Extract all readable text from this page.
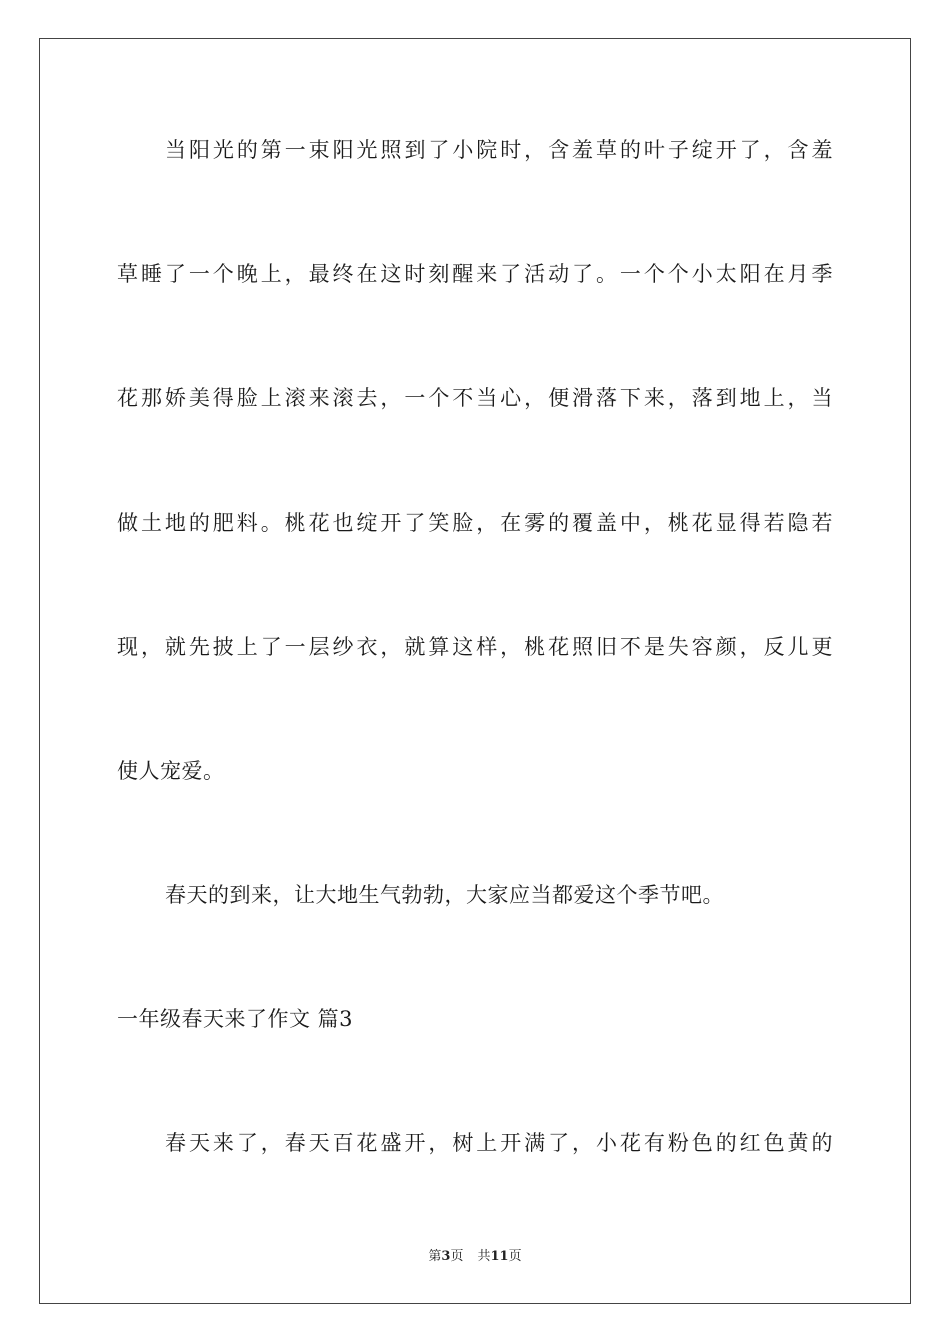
当阳光的第一束阳光照到了小院时，含羞草的叶子绽开了，含羞
草睡了一个晚上，最终在这时刻醒来了活动了。一个个小太阳在月季
花那娇美得脸上滚来滚去，一个不当心，便滑落下来，落到地上，当
做土地的肥料。桃花也绽开了笑脸，在雾的覆盖中，桃花显得若隐若
现，就先披上了一层纱衣，就算这样，桃花照旧不是失容颜，反儿更
使人宠爱。
春天的到来，让大地生气勃勃，大家应当都爱这个季节吧。
一年级春天来了作文 篇3
春天来了，春天百花盛开，树上开满了，小花有粉色的红色黄的
第3页 共11页
